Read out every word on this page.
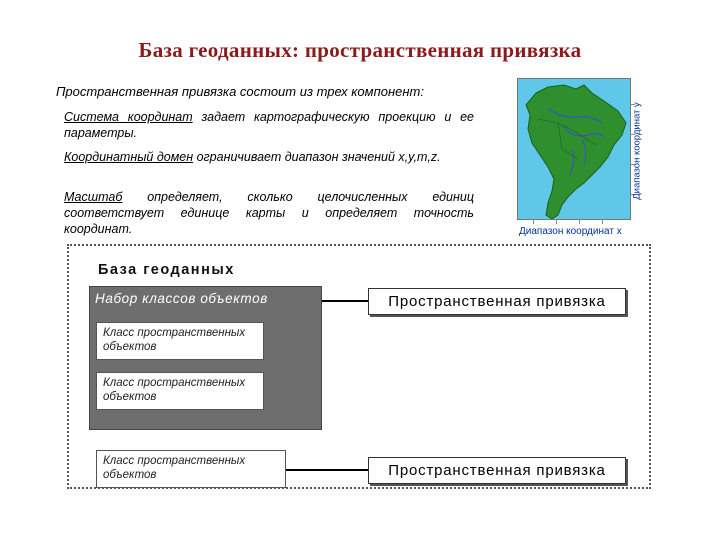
База геоданных: пространственная привязка
Пространственная привязка состоит из трех компонент:
Система координат задает картографическую проекцию и ее параметры.
Координатный домен ограничивает диапазон значений x,y,m,z.
Масштаб определяет, сколько целочисленных единиц соответствует единице карты и определяет точность координат.
Диапазон координат у
Диапазон координат х
База геоданных
Набор классов объектов
Класс пространственных объектов
Класс пространственных объектов
Класс пространственных объектов
Пространственная привязка
Пространственная привязка
